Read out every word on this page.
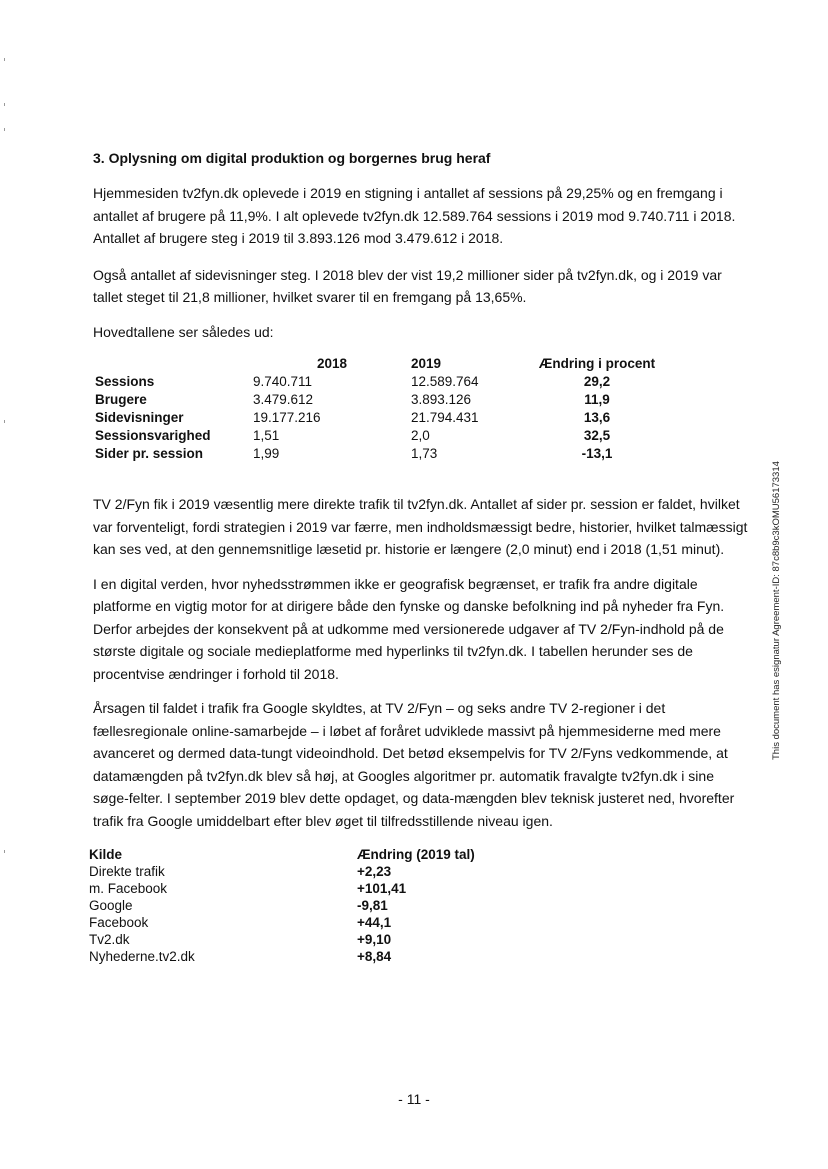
3. Oplysning om digital produktion og borgernes brug heraf

Hjemmesiden tv2fyn.dk oplevede i 2019 en stigning i antallet af sessions på 29,25% og en fremgang i antallet af brugere på 11,9%. I alt oplevede tv2fyn.dk 12.589.764 sessions i 2019 mod 9.740.711 i 2018. Antallet af brugere steg i 2019 til 3.893.126 mod 3.479.612 i 2018.

Også antallet af sidevisninger steg. I 2018 blev der vist 19,2 millioner sider på tv2fyn.dk, og i 2019 var tallet steget til 21,8 millioner, hvilket svarer til en fremgang på 13,65%.

Hovedtallene ser således ud:

	2018	2019	Ændring i procent
Sessions	9.740.711	12.589.764	29,2
Brugere	3.479.612	3.893.126	11,9
Sidevisninger	19.177.216	21.794.431	13,6
Sessionsvarighed	1,51	2,0	32,5
Sider pr. session	1,99	1,73	-13,1

TV 2/Fyn fik i 2019 væsentlig mere direkte trafik til tv2fyn.dk. Antallet af sider pr. session er faldet, hvilket var forventeligt, fordi strategien i 2019 var færre, men indholdsmæssigt bedre, historier, hvilket talmæssigt kan ses ved, at den gennemsnitlige læsetid pr. historie er længere (2,0 minut) end i 2018 (1,51 minut).

I en digital verden, hvor nyhedsstrømmen ikke er geografisk begrænset, er trafik fra andre digitale platforme en vigtig motor for at dirigere både den fynske og danske befolkning ind på nyheder fra Fyn. Derfor arbejdes der konsekvent på at udkomme med versionerede udgaver af TV 2/Fyn-indhold på de største digitale og sociale medieplatforme med hyperlinks til tv2fyn.dk. I tabellen herunder ses de procentvise ændringer i forhold til 2018.

Årsagen til faldet i trafik fra Google skyldtes, at TV 2/Fyn – og seks andre TV 2-regioner i det fællesregionale online-samarbejde – i løbet af foråret udviklede massivt på hjemmesiderne med mere avanceret og dermed data-tungt videoindhold. Det betød eksempelvis for TV 2/Fyns vedkommende, at datamængden på tv2fyn.dk blev så høj, at Googles algoritmer pr. automatik fravalgte tv2fyn.dk i sine søge-felter. I september 2019 blev dette opdaget, og data-mængden blev teknisk justeret ned, hvorefter trafik fra Google umiddelbart efter blev øget til tilfredsstillende niveau igen.

Kilde	Ændring (2019 tal)
Direkte trafik	+2,23
m. Facebook	+101,41
Google	-9,81
Facebook	+44,1
Tv2.dk	+9,10
Nyhederne.tv2.dk	+8,84
- 11 -
This document has esignatur Agreement-ID: 87c8b9c3kOMU56173314
